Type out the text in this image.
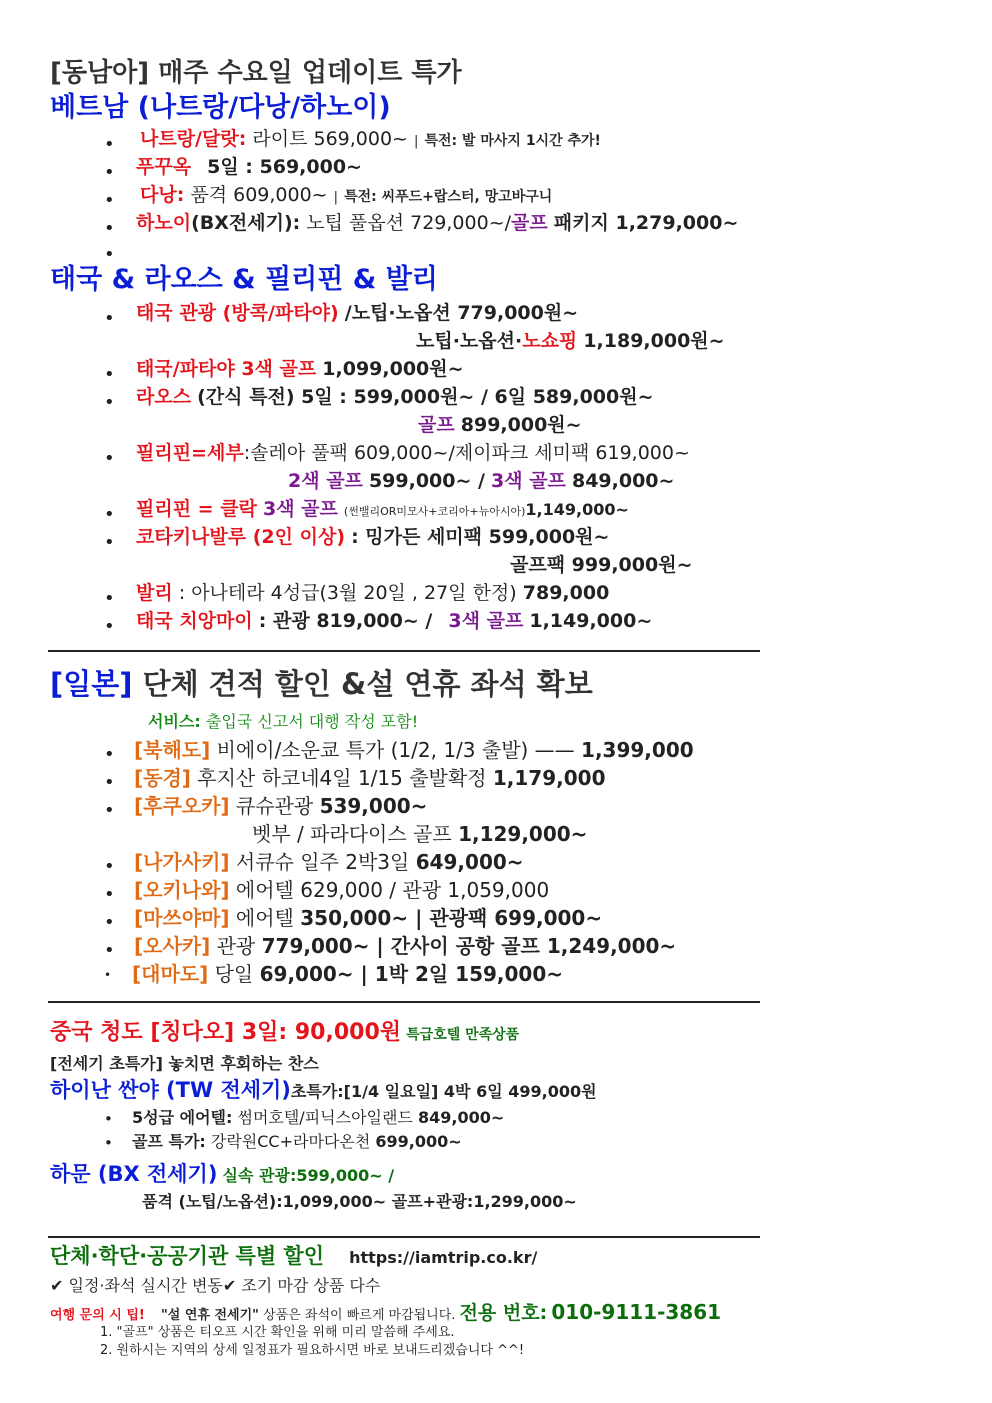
[동남아] 매주 수요일 업데이트 특가
베트남 (나트랑/다낭/하노이)
• 나트랑/달랏: 라이트 569,000~ | 특전: 발 마사지 1시간 추가!
• 푸꾸옥 5일 : 569,000~
• 다낭: 품격 609,000~ | 특전: 씨푸드+랍스터, 망고바구니
• 하노이(BX전세기): 노팁 풀옵션 729,000~/골프 패키지 1,279,000~
•
태국 & 라오스 & 필리핀 & 발리
• 태국 관광 (방콕/파타야) /노팁·노옵션 779,000원~
노팁·노옵션·노쇼핑 1,189,000원~
• 태국/파타야 3색 골프 1,099,000원~
• 라오스 (간식 특전) 5일 : 599,000원~ / 6일 589,000원~
골프 899,000원~
• 필리핀=세부:솔레아 풀팩 609,000~/제이파크 세미팩 619,000~
2색 골프 599,000~ / 3색 골프 849,000~
• 필리핀 = 클락 3색 골프 (썬밸리OR미모사+코리아+뉴아시아)1,149,000~
• 코타키나발루 (2인 이상) : 밍가든 세미팩 599,000원~
골프팩 999,000원~
• 발리 : 아나테라 4성급(3월 20일 , 27일 한정) 789,000
• 태국 치앙마이 : 관광 819,000~ / 3색 골프 1,149,000~
[일본] 단체 견적 할인 &설 연휴 좌석 확보
서비스: 출입국 신고서 대행 작성 포함!
• [북해도] 비에이/소운쿄 특가 (1/2, 1/3 출발) —— 1,399,000
• [동경] 후지산 하코네4일 1/15 출발확정 1,179,000
• [후쿠오카] 큐슈관광 539,000~
벳부 / 파라다이스 골프 1,129,000~
• [나가사키] 서큐슈 일주 2박3일 649,000~
• [오키나와] 에어텔 629,000 / 관광 1,059,000
• [마쓰야마] 에어텔 350,000~ | 관광팩 699,000~
• [오사카] 관광 779,000~ | 간사이 공항 골프 1,249,000~
• [대마도] 당일 69,000~ | 1박 2일 159,000~
중국 청도 [칭다오] 3일: 90,000원 특급호텔 만족상품
[전세기 초특가] 놓치면 후회하는 찬스
하이난 싼야 (TW 전세기)초특가:[1/4 일요일] 4박 6일 499,000원
• 5성급 에어텔: 썸머호텔/피닉스아일랜드 849,000~
• 골프 특가: 강락원CC+라마다온천 699,000~
하문 (BX 전세기) 실속 관광:599,000~ /
품격 (노팁/노옵션):1,099,000~ 골프+관광:1,299,000~
단체·학단·공공기관 특별 할인 https://iamtrip.co.kr/
✔ 일정·좌석 실시간 변동✔ 조기 마감 상품 다수
여행 문의 시 팁! "설 연휴 전세기" 상품은 좌석이 빠르게 마감됩니다. 전용 번호: 010-9111-3861
1. "골프" 상품은 티오프 시간 확인을 위해 미리 말씀해 주세요.
2. 원하시는 지역의 상세 일정표가 필요하시면 바로 보내드리겠습니다 ^^!
